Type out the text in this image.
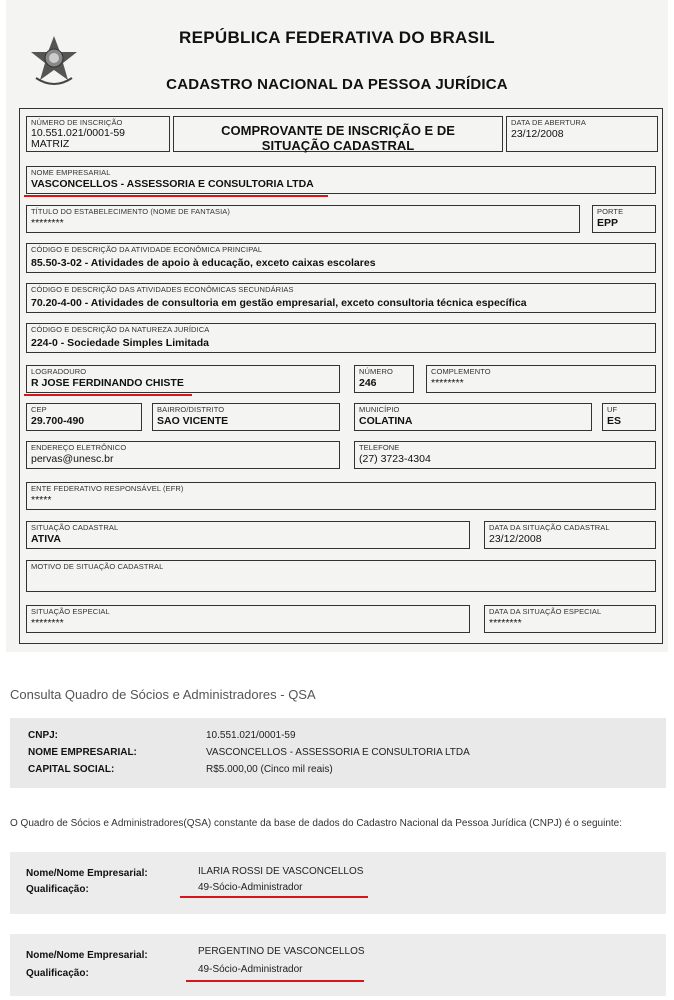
REPÚBLICA FEDERATIVA DO BRASIL
CADASTRO NACIONAL DA PESSOA JURÍDICA
NÚMERO DE INSCRIÇÃO
10.551.021/0001-59
MATRIZ
COMPROVANTE DE INSCRIÇÃO E DE SITUAÇÃO CADASTRAL
DATA DE ABERTURA
23/12/2008
NOME EMPRESARIAL
VASCONCELLOS - ASSESSORIA E CONSULTORIA LTDA
TÍTULO DO ESTABELECIMENTO (NOME DE FANTASIA)
********
PORTE
EPP
CÓDIGO E DESCRIÇÃO DA ATIVIDADE ECONÔMICA PRINCIPAL
85.50-3-02 - Atividades de apoio à educação, exceto caixas escolares
CÓDIGO E DESCRIÇÃO DAS ATIVIDADES ECONÔMICAS SECUNDÁRIAS
70.20-4-00 - Atividades de consultoria em gestão empresarial, exceto consultoria técnica específica
CÓDIGO E DESCRIÇÃO DA NATUREZA JURÍDICA
224-0 - Sociedade Simples Limitada
LOGRADOURO
R JOSE FERDINANDO CHISTE
NÚMERO
246
COMPLEMENTO
********
CEP
29.700-490
BAIRRO/DISTRITO
SAO VICENTE
MUNICÍPIO
COLATINA
UF
ES
ENDEREÇO ELETRÔNICO
pervas@unesc.br
TELEFONE
(27) 3723-4304
ENTE FEDERATIVO RESPONSÁVEL (EFR)
*****
SITUAÇÃO CADASTRAL
ATIVA
DATA DA SITUAÇÃO CADASTRAL
23/12/2008
MOTIVO DE SITUAÇÃO CADASTRAL
SITUAÇÃO ESPECIAL
********
DATA DA SITUAÇÃO ESPECIAL
********
Consulta Quadro de Sócios e Administradores - QSA
CNPJ:	10.551.021/0001-59
NOME EMPRESARIAL:	VASCONCELLOS - ASSESSORIA E CONSULTORIA LTDA
CAPITAL SOCIAL:	R$5.000,00 (Cinco mil reais)
O Quadro de Sócios e Administradores(QSA) constante da base de dados do Cadastro Nacional da Pessoa Jurídica (CNPJ) é o seguinte:
Nome/Nome Empresarial:	ILARIA ROSSI DE VASCONCELLOS
Qualificação:	49-Sócio-Administrador
Nome/Nome Empresarial:	PERGENTINO DE VASCONCELLOS
Qualificação:	49-Sócio-Administrador
